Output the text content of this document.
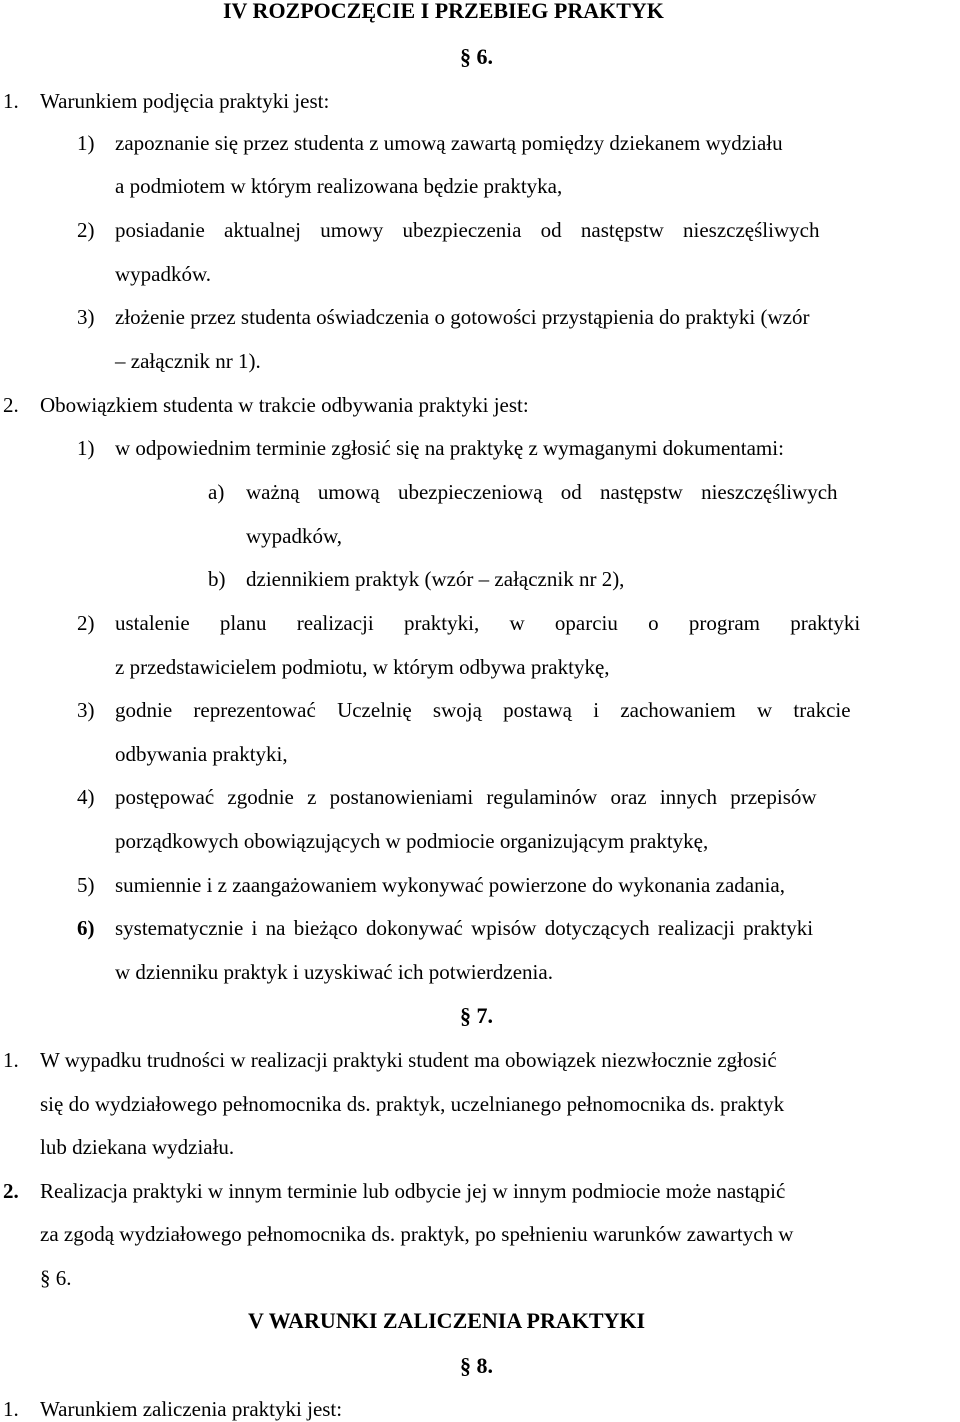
IV ROZPOCZĘCIE I PRZEBIEG PRAKTYK
§ 6.
1. Warunkiem podjęcia praktyki jest:
1) zapoznanie się przez studenta z umową zawartą pomiędzy dziekanem wydziału
a podmiotem w którym realizowana będzie praktyka,
2) posiadanie aktualnej umowy ubezpieczenia od następstw nieszczęśliwych
wypadków.
3) złożenie przez studenta oświadczenia o gotowości przystąpienia do praktyki (wzór
– załącznik nr 1).
2. Obowiązkiem studenta w trakcie odbywania praktyki jest:
1) w odpowiednim terminie zgłosić się na praktykę z wymaganymi dokumentami:
a) ważną umową ubezpieczeniową od następstw nieszczęśliwych
wypadków,
b) dziennikiem praktyk (wzór – załącznik nr 2),
2) ustalenie planu realizacji praktyki, w oparciu o program praktyki
z przedstawicielem podmiotu, w którym odbywa praktykę,
3) godnie reprezentować Uczelnię swoją postawą i zachowaniem w trakcie
odbywania praktyki,
4) postępować zgodnie z postanowieniami regulaminów oraz innych przepisów
porządkowych obowiązujących w podmiocie organizującym praktykę,
5) sumiennie i z zaangażowaniem wykonywać powierzone do wykonania zadania,
6) systematycznie i na bieżąco dokonywać wpisów dotyczących realizacji praktyki
w dzienniku praktyk i uzyskiwać ich potwierdzenia.
§ 7.
1. W wypadku trudności w realizacji praktyki student ma obowiązek niezwłocznie zgłosić
się do wydziałowego pełnomocnika ds. praktyk, uczelnianego pełnomocnika ds. praktyk
lub dziekana wydziału.
2. Realizacja praktyki w innym terminie lub odbycie jej w innym podmiocie może nastąpić
za zgodą wydziałowego pełnomocnika ds. praktyk, po spełnieniu warunków zawartych w
§ 6.
V WARUNKI ZALICZENIA PRAKTYKI
§ 8.
1. Warunkiem zaliczenia praktyki jest:
